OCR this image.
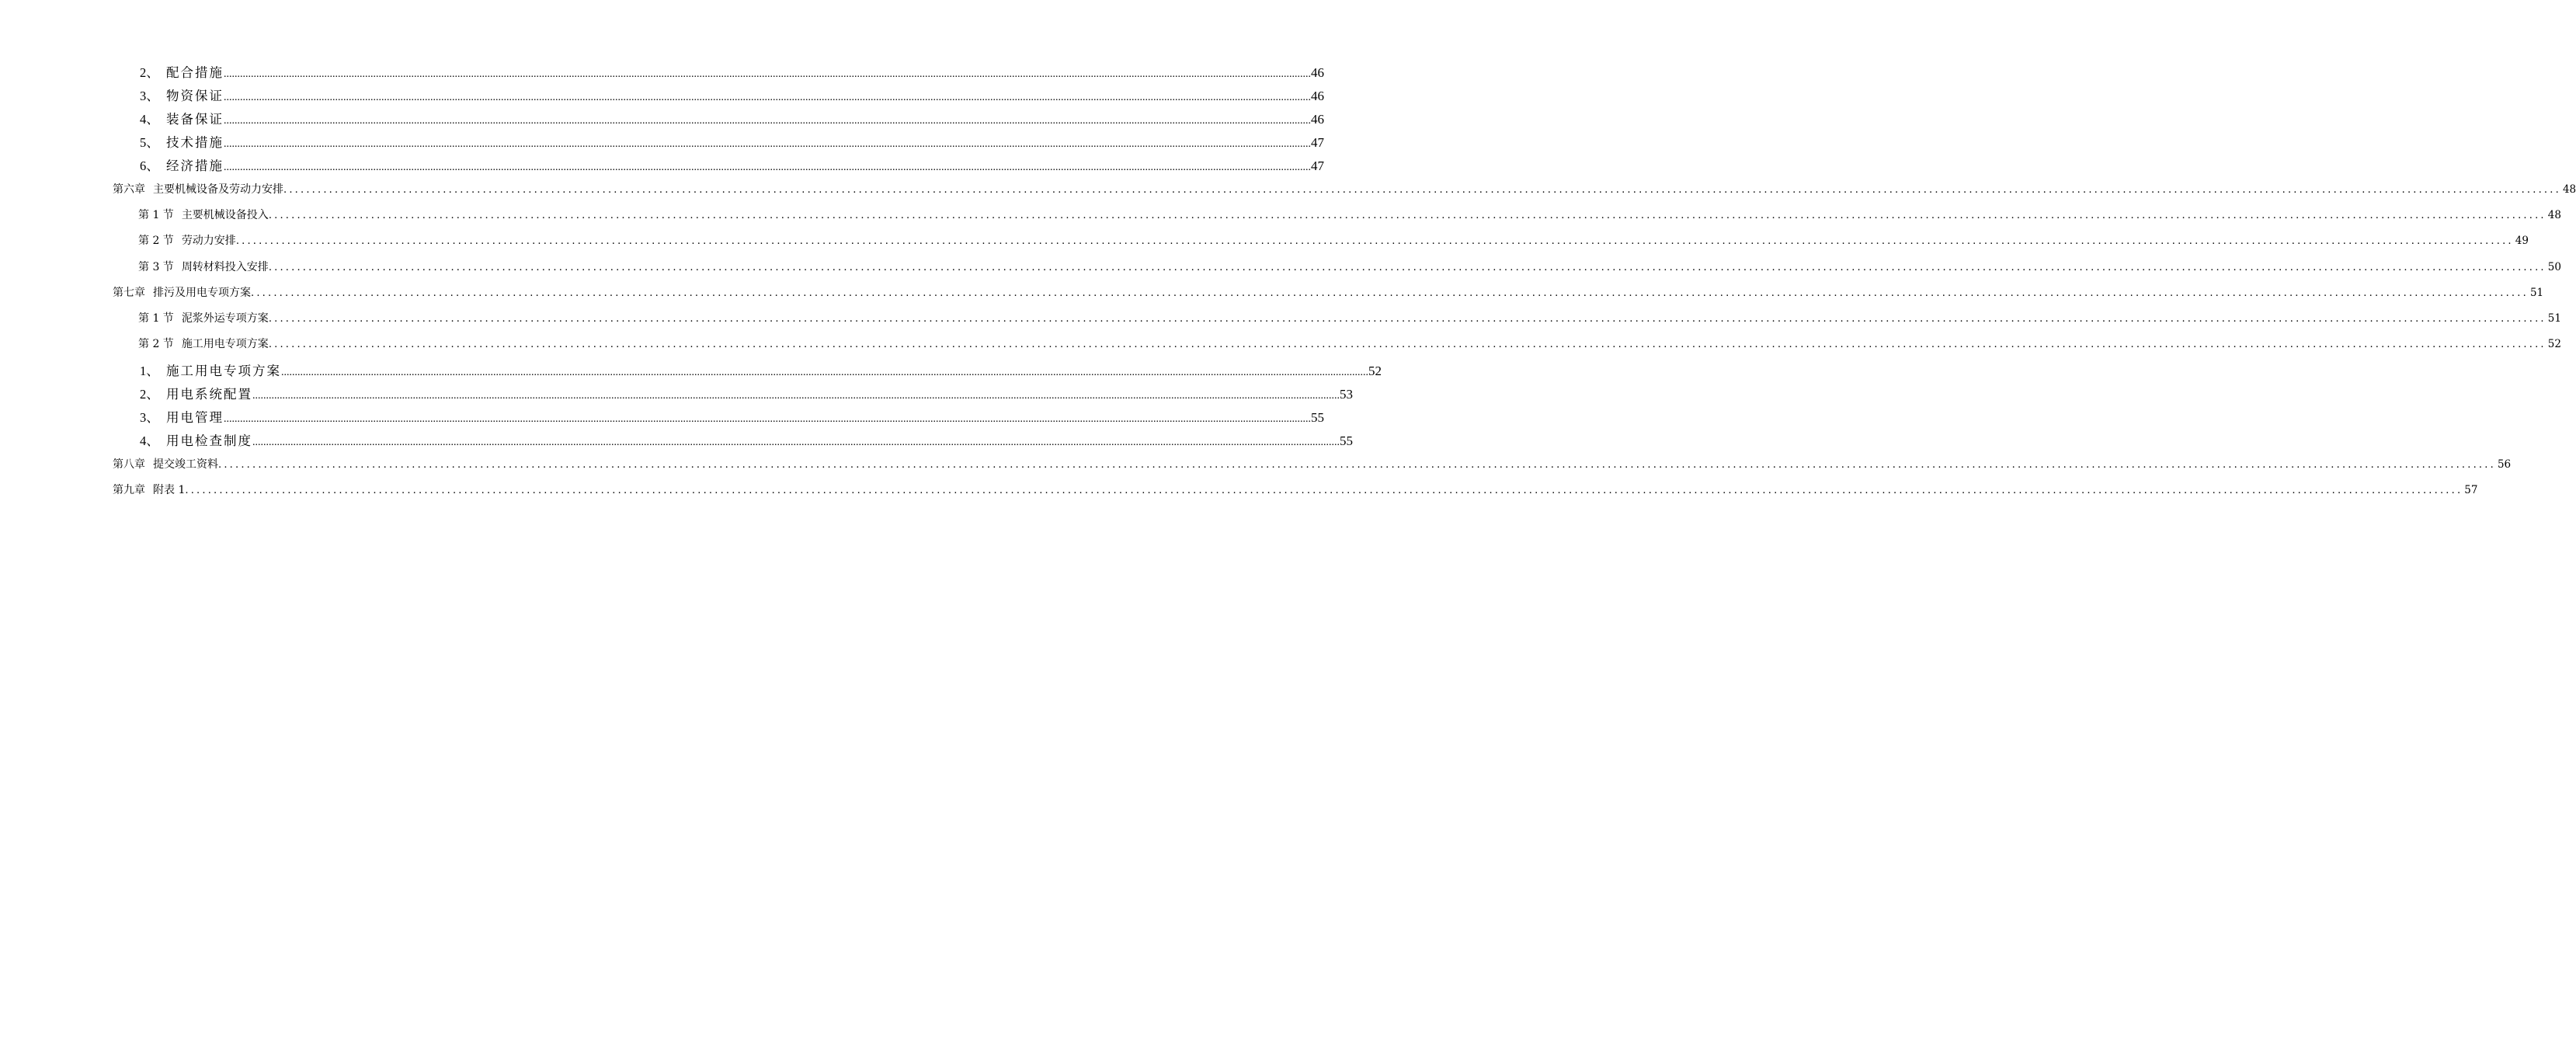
2、 配合措施 ................................................................................................................................................................................................................................................................................................................................................................................................................ 46
3、 物资保证 ................................................................................................................................................................................................................................................................................................................................................................................................................ 46
4、 装备保证 ................................................................................................................................................................................................................................................................................................................................................................................................................ 46
5、 技术措施 ................................................................................................................................................................................................................................................................................................................................................................................................................ 47
6、 经济措施 ................................................................................................................................................................................................................................................................................................................................................................................................................ 47
第六章 主要机械设备及劳动力安排 ................................................................................................................................................................................................................................................................................................................................................................................................................ 48
第 1 节 主要机械设备投入 ................................................................................................................................................................................................................................................................................................................................................................................................................ 48
第 2 节 劳动力安排 ................................................................................................................................................................................................................................................................................................................................................................................................................ 49
第 3 节 周转材料投入安排 ................................................................................................................................................................................................................................................................................................................................................................................................................ 50
第七章 排污及用电专项方案 ................................................................................................................................................................................................................................................................................................................................................................................................................ 51
第 1 节 泥浆外运专项方案 ................................................................................................................................................................................................................................................................................................................................................................................................................ 51
第 2 节 施工用电专项方案 ................................................................................................................................................................................................................................................................................................................................................................................................................ 52
1、 施工用电专项方案 ................................................................................................................................................................................................................................................................................................................................................................................................................ 52
2、 用电系统配置 ................................................................................................................................................................................................................................................................................................................................................................................................................ 53
3、 用电管理 ................................................................................................................................................................................................................................................................................................................................................................................................................ 55
4、 用电检查制度 ................................................................................................................................................................................................................................................................................................................................................................................................................ 55
第八章 提交竣工资料 ................................................................................................................................................................................................................................................................................................................................................................................................................ 56
第九章 附表 1 ................................................................................................................................................................................................................................................................................................................................................................................................................ 57
